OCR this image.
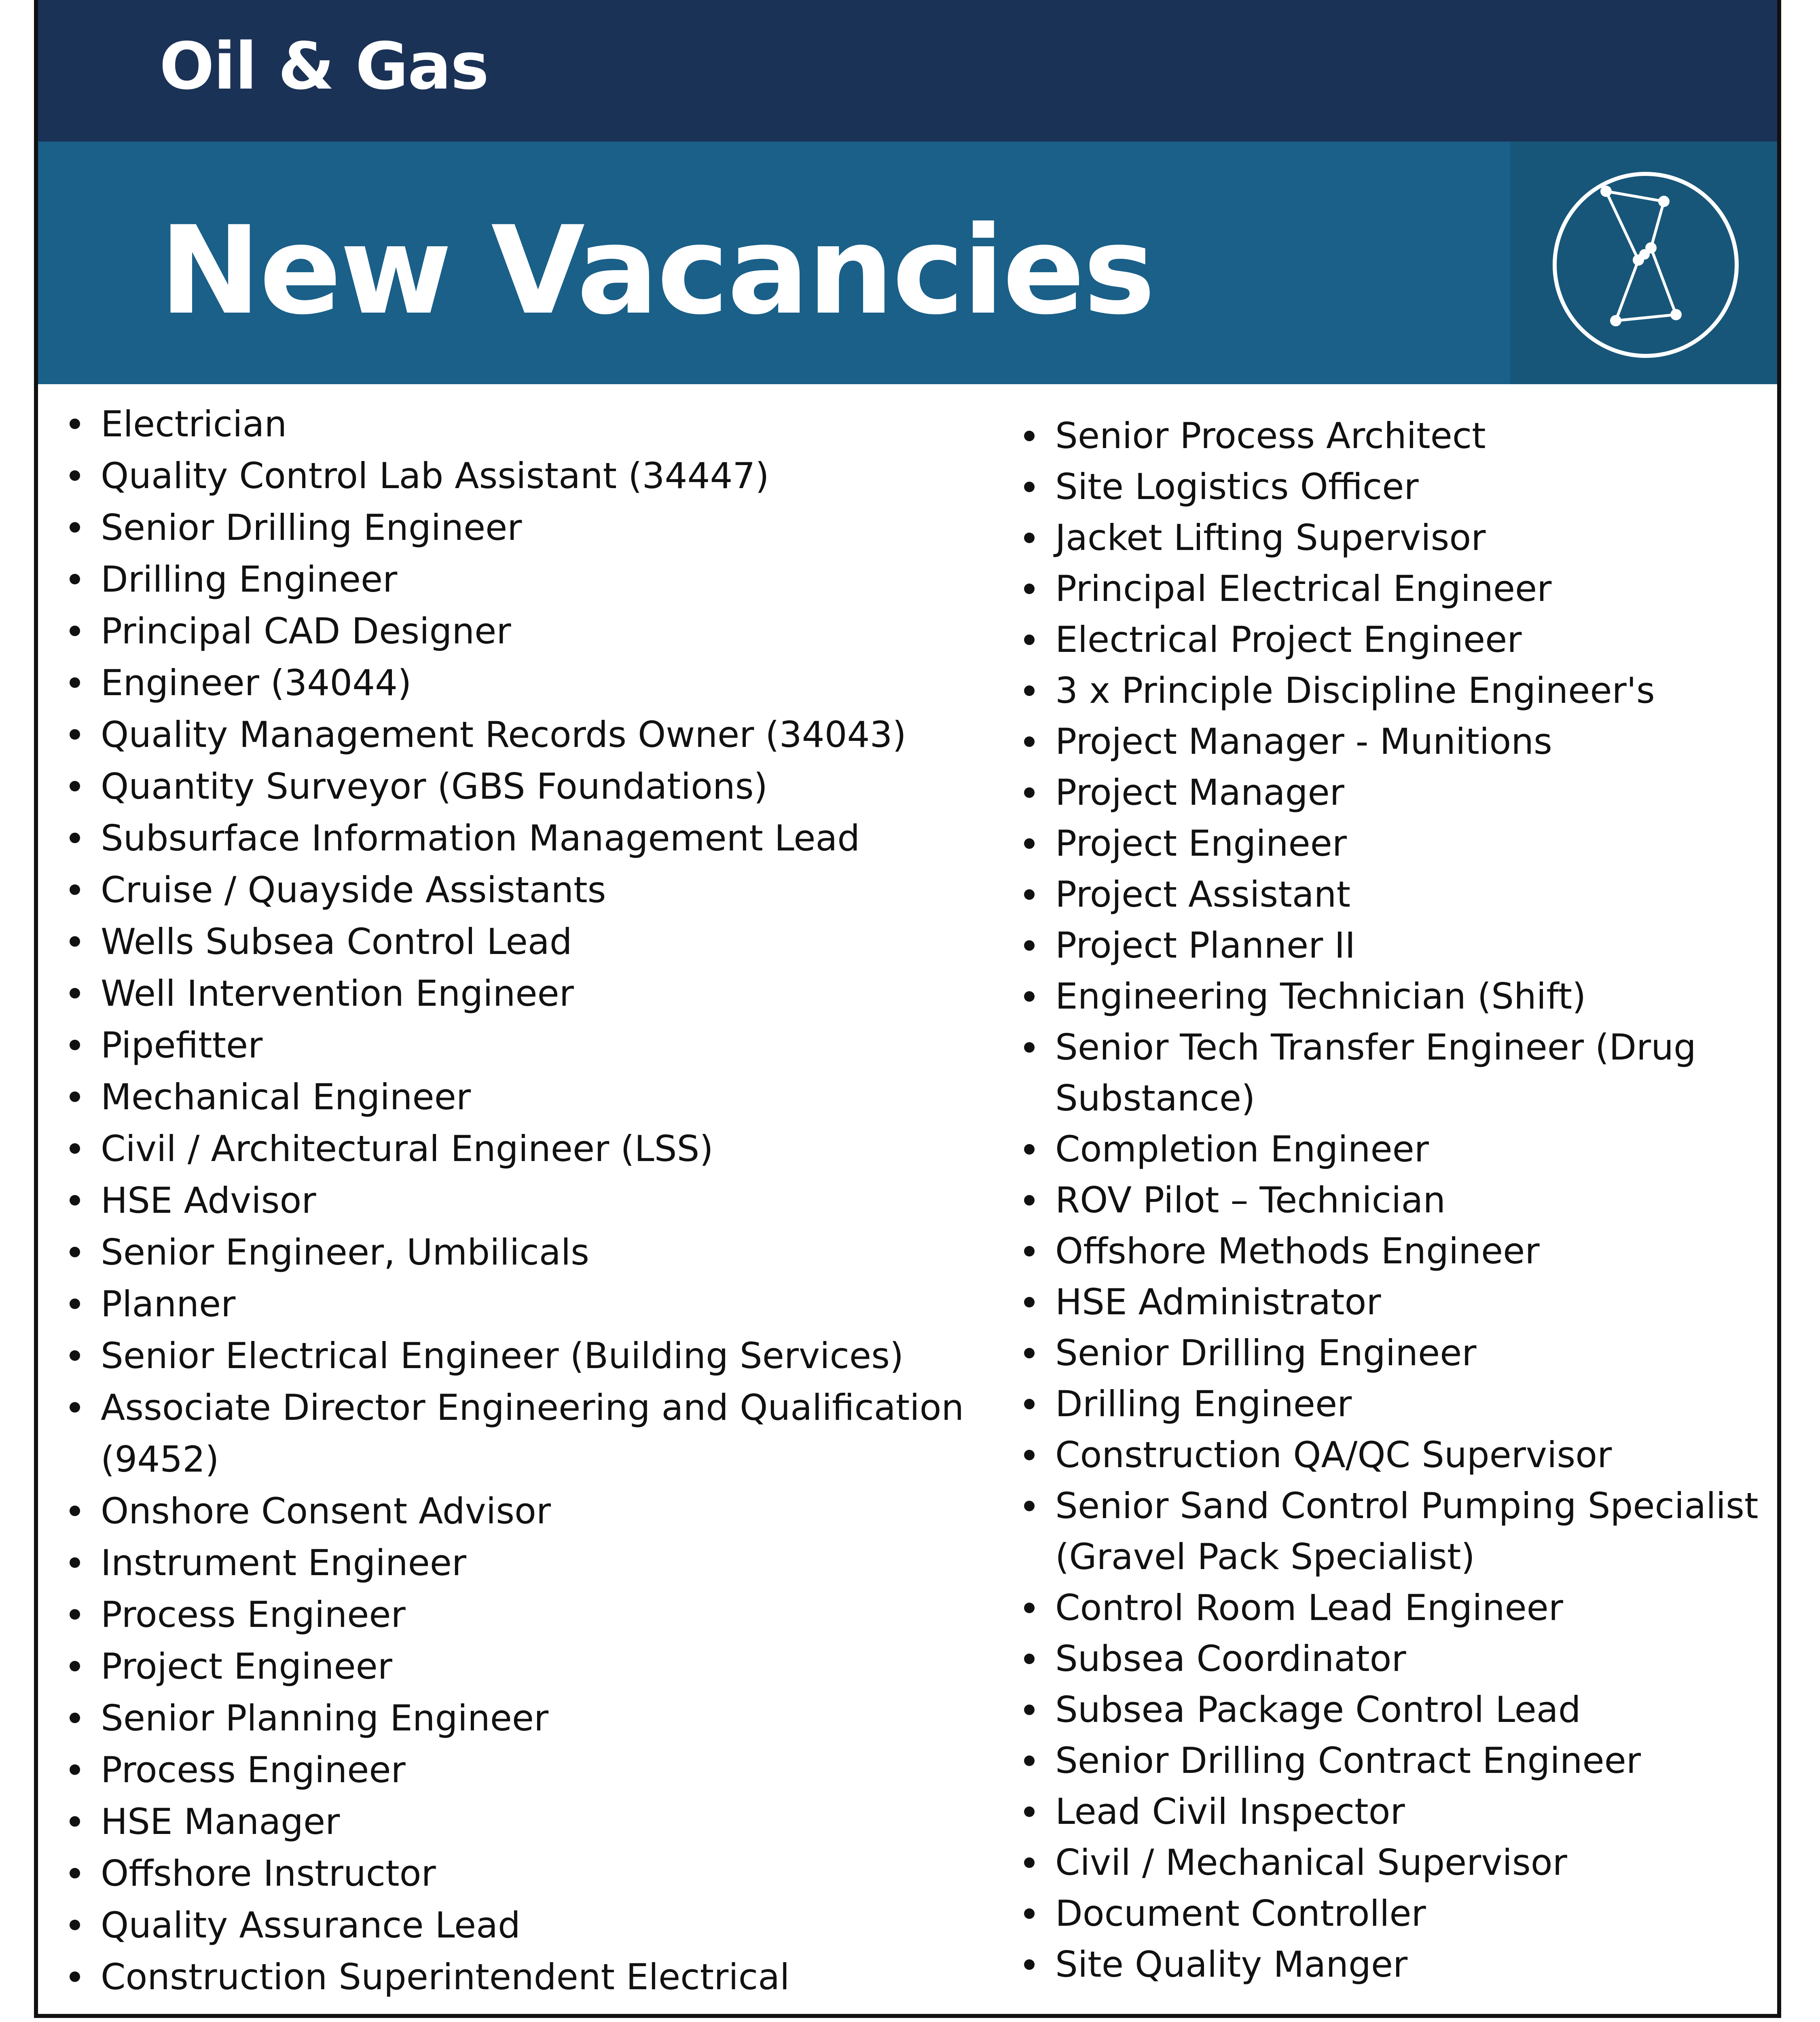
Oil & Gas
New Vacancies
Electrician
Quality Control Lab Assistant (34447)
Senior Drilling Engineer
Drilling Engineer
Principal CAD Designer
Engineer (34044)
Quality Management Records Owner (34043)
Quantity Surveyor (GBS Foundations)
Subsurface Information Management Lead
Cruise / Quayside Assistants
Wells Subsea Control Lead
Well Intervention Engineer
Pipefitter
Mechanical Engineer
Civil / Architectural Engineer (LSS)
HSE Advisor
Senior Engineer, Umbilicals
Planner
Senior Electrical Engineer (Building Services)
Associate Director Engineering and Qualification (9452)
Onshore Consent Advisor
Instrument Engineer
Process Engineer
Project Engineer
Senior Planning Engineer
Process Engineer
HSE Manager
Offshore Instructor
Quality Assurance Lead
Construction Superintendent Electrical
Senior Process Architect
Site Logistics Officer
Jacket Lifting Supervisor
Principal Electrical Engineer
Electrical Project Engineer
3 x Principle Discipline Engineer's
Project Manager - Munitions
Project Manager
Project Engineer
Project Assistant
Project Planner II
Engineering Technician (Shift)
Senior Tech Transfer Engineer (Drug Substance)
Completion Engineer
ROV Pilot – Technician
Offshore Methods Engineer
HSE Administrator
Senior Drilling Engineer
Drilling Engineer
Construction QA/QC Supervisor
Senior Sand Control Pumping Specialist (Gravel Pack Specialist)
Control Room Lead Engineer
Subsea Coordinator
Subsea Package Control Lead
Senior Drilling Contract Engineer
Lead Civil Inspector
Civil / Mechanical Supervisor
Document Controller
Site Quality Manger
